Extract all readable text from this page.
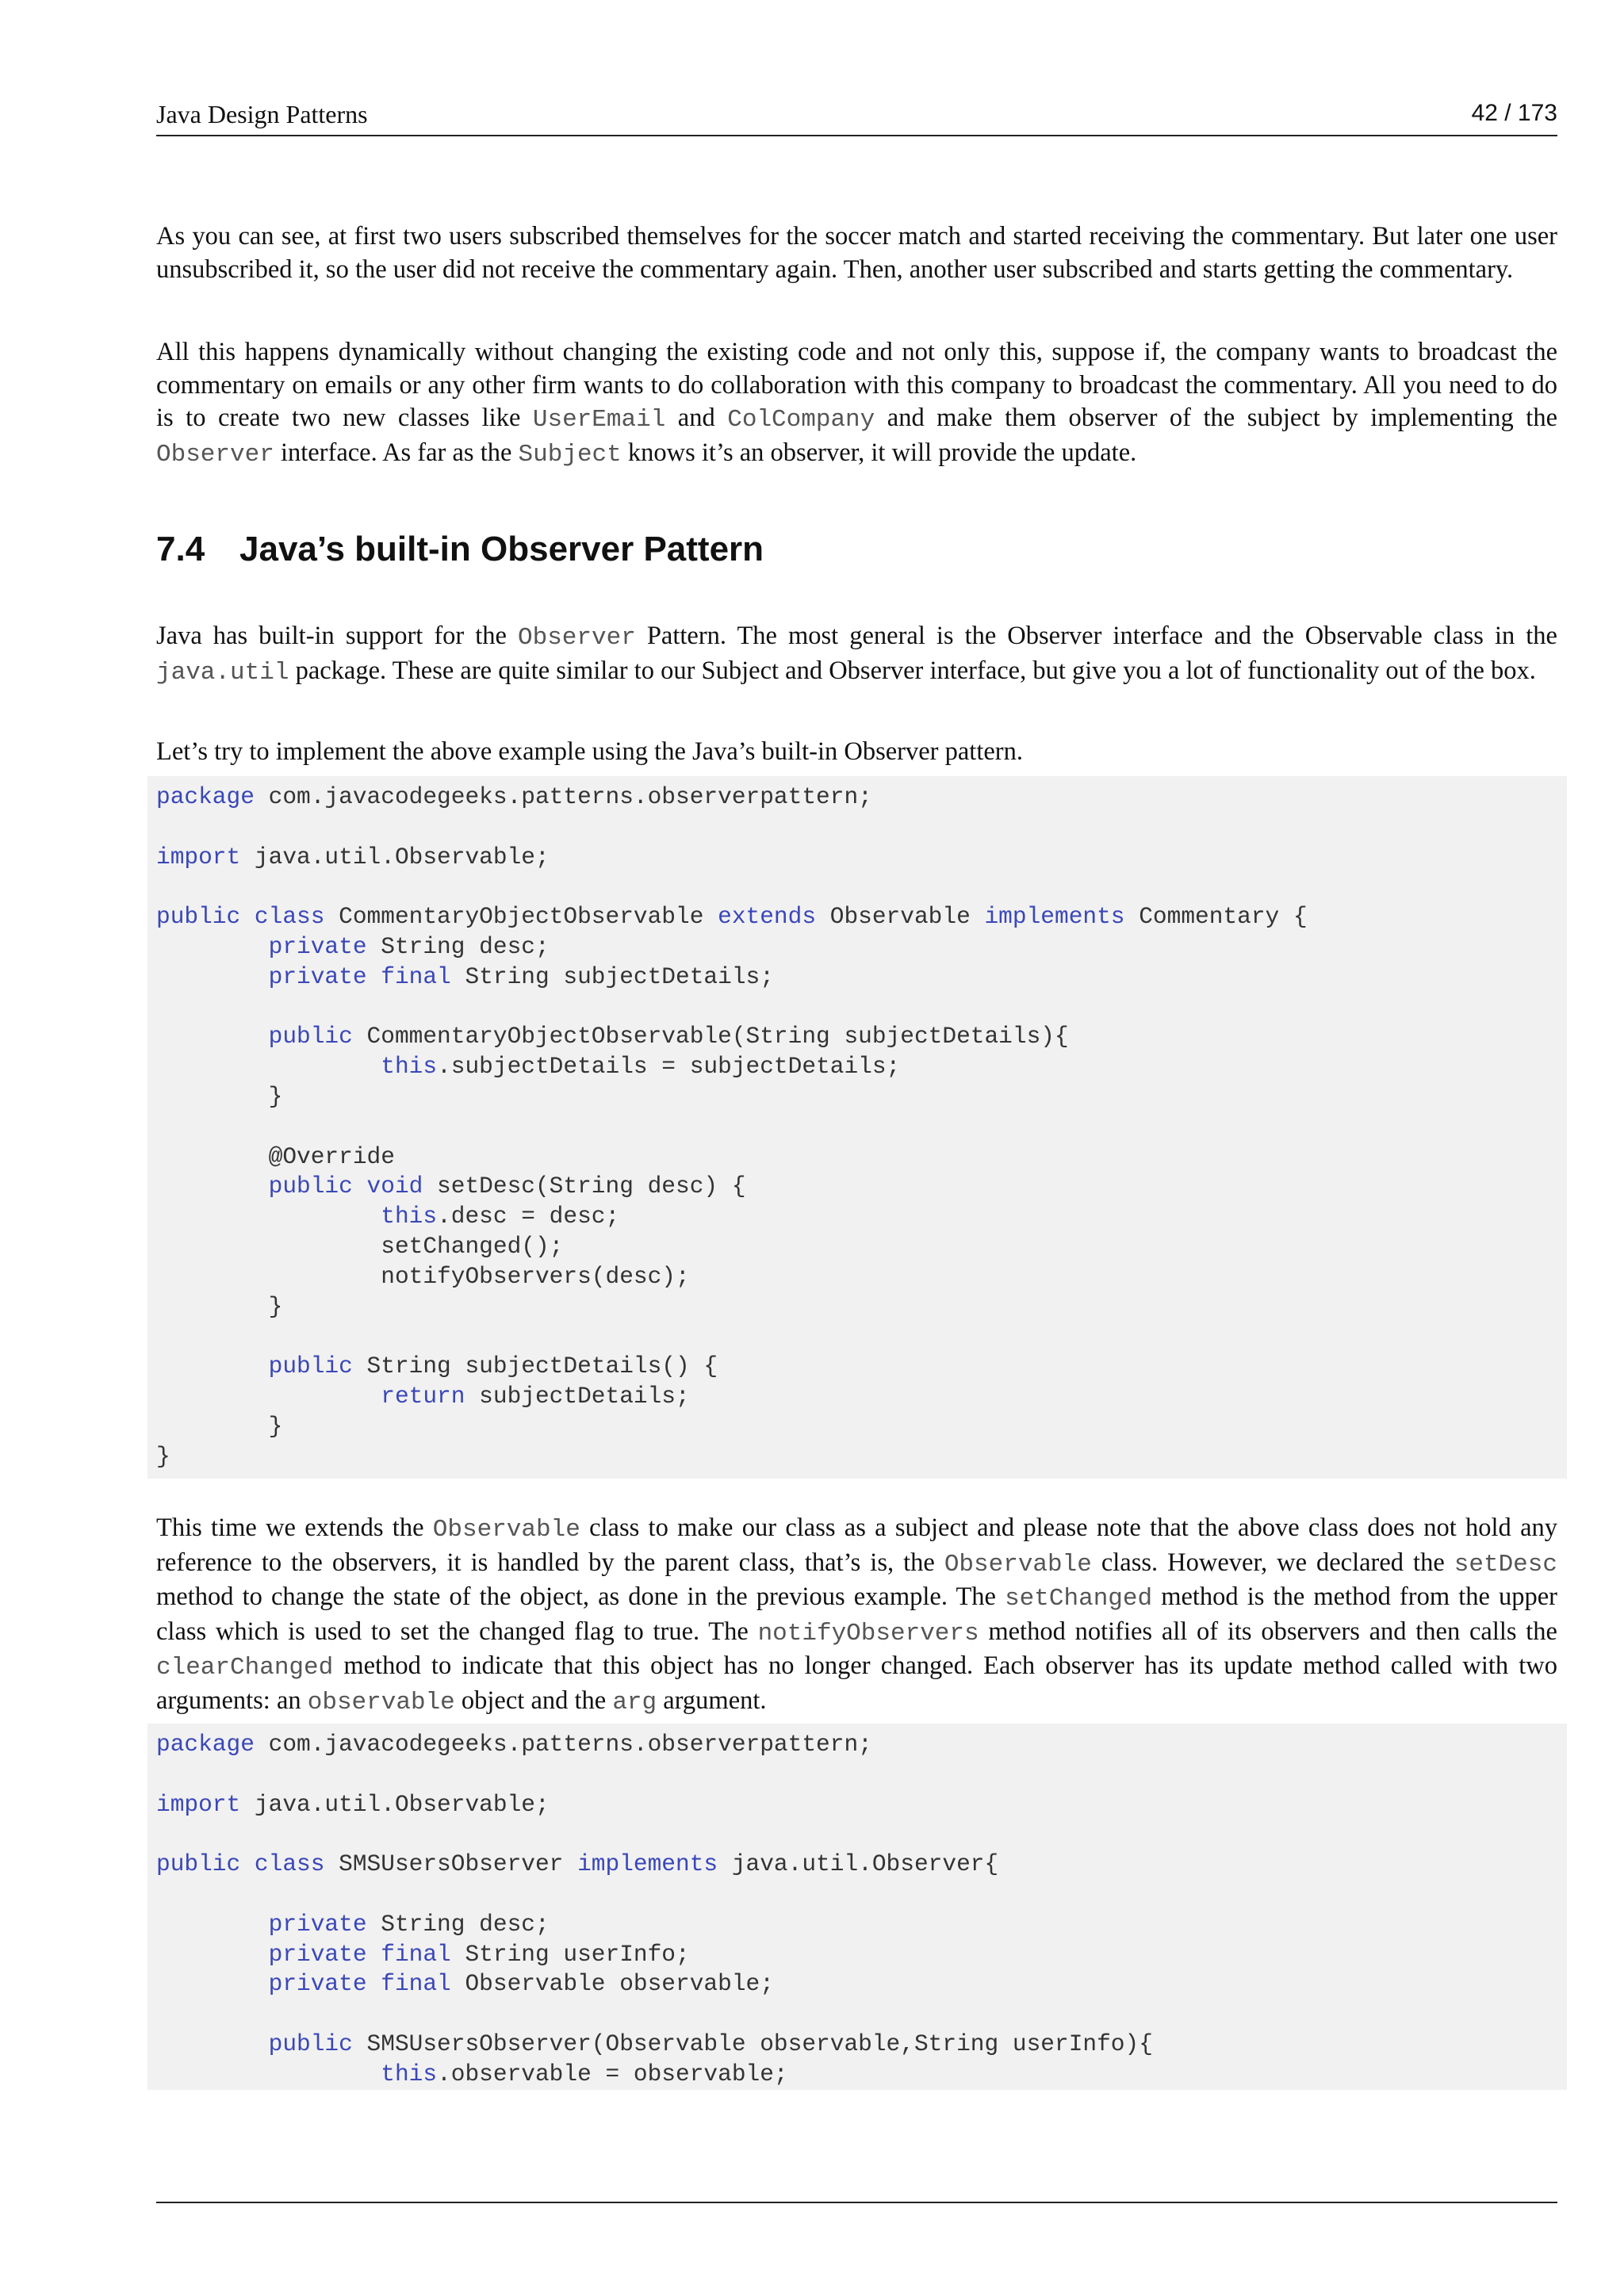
Java Design Patterns	42 / 173

As you can see, at first two users subscribed themselves for the soccer match and started receiving the commentary. But later one user unsubscribed it, so the user did not receive the commentary again. Then, another user subscribed and starts getting the commentary.

All this happens dynamically without changing the existing code and not only this, suppose if, the company wants to broadcast the commentary on emails or any other firm wants to do collaboration with this company to broadcast the commentary. All you need to do is to create two new classes like UserEmail and ColCompany and make them observer of the subject by implementing the Observer interface. As far as the Subject knows it’s an observer, it will provide the update.

7.4 Java’s built-in Observer Pattern

Java has built-in support for the Observer Pattern. The most general is the Observer interface and the Observable class in the java.util package. These are quite similar to our Subject and Observer interface, but give you a lot of functionality out of the box.

Let’s try to implement the above example using the Java’s built-in Observer pattern.

package com.javacodegeeks.patterns.observerpattern;

import java.util.Observable;

public class CommentaryObjectObservable extends Observable implements Commentary {
private String desc;
private final String subjectDetails;

public CommentaryObjectObservable(String subjectDetails){
this.subjectDetails = subjectDetails;
}

@Override
public void setDesc(String desc) {
this.desc = desc;
setChanged();
notifyObservers(desc);
}

public String subjectDetails() {
return subjectDetails;
}
}

This time we extends the Observable class to make our class as a subject and please note that the above class does not hold any reference to the observers, it is handled by the parent class, that’s is, the Observable class. However, we declared the setDesc method to change the state of the object, as done in the previous example. The setChanged method is the method from the upper class which is used to set the changed flag to true. The notifyObservers method notifies all of its observers and then calls the clearChanged method to indicate that this object has no longer changed. Each observer has its update method called with two arguments: an observable object and the arg argument.

package com.javacodegeeks.patterns.observerpattern;

import java.util.Observable;

public class SMSUsersObserver implements java.util.Observer{

private String desc;
private final String userInfo;
private final Observable observable;

public SMSUsersObserver(Observable observable,String userInfo){
this.observable = observable;
